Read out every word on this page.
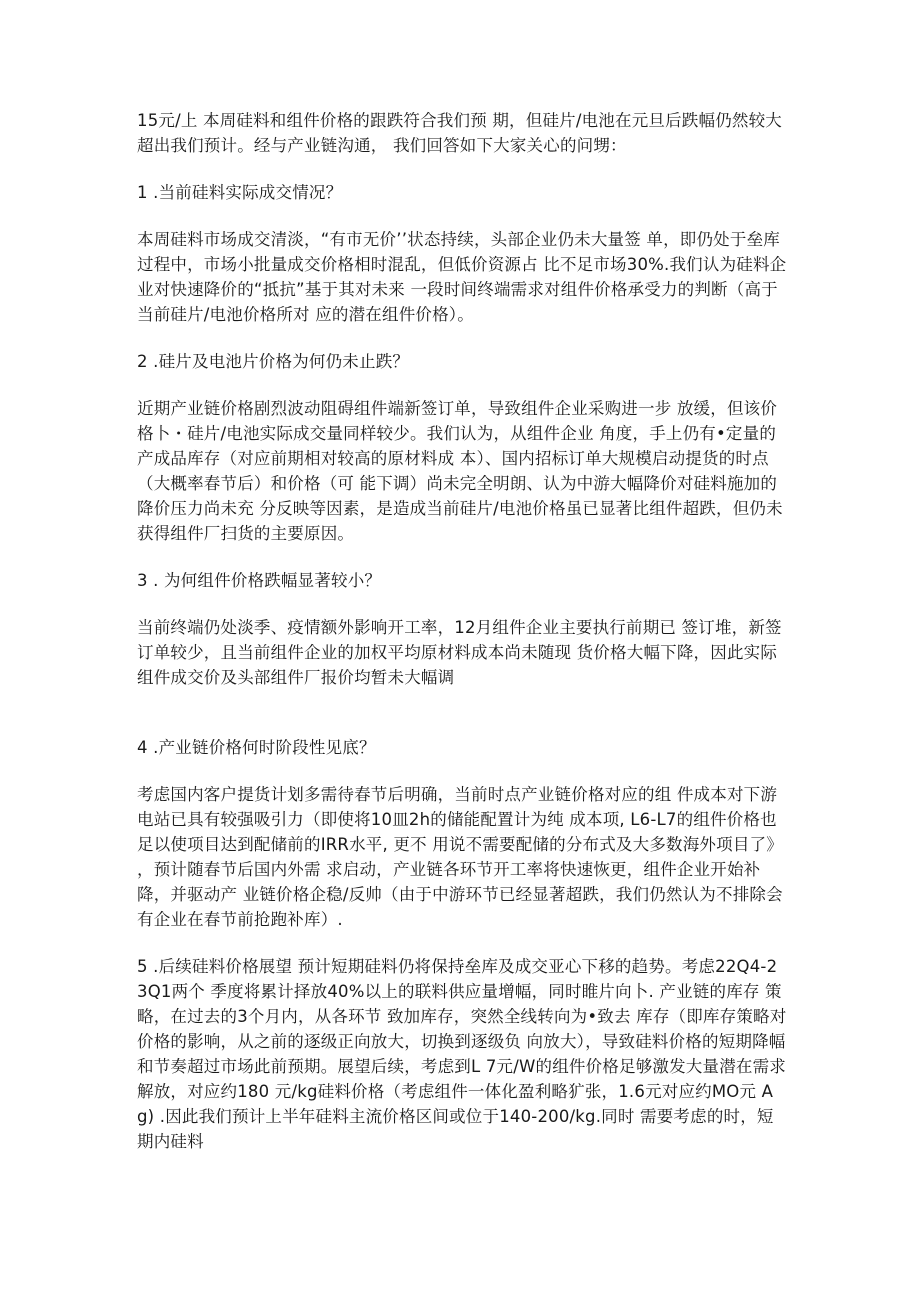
15元/上 本周硅料和组件价格的跟跌符合我们预 期，但硅片/电池在元旦后跌幅仍然较大超出我们预计。经与产业链沟通， 我们回答如下大家关心的问甥：

1 .当前硅料实际成交情况？

本周硅料市场成交清淡，“有市无价’’状态持续，头部企业仍未大量签 单，即仍处于垒库过程中，市场小批量成交价格相时混乱，但低价资源占 比不足市场30%.我们认为硅料企业对快速降价的“抵抗”基于其对未来 一段时间终端需求对组件价格承受力的判断（高于当前硅片/电池价格所对 应的潜在组件价格）。

2 .硅片及电池片价格为何仍未止跌？

近期产业链价格剧烈波动阻碍组件端新签订单，导致组件企业采购进一步 放缓，但该价格卜・硅片/电池实际成交量同样较少。我们认为，从组件企业 角度，手上仍有•定量的产成品库存（对应前期相对较高的原材料成 本）、国内招标订单大规模启动提货的时点（大概率春节后）和价格（可 能下调）尚未完全明朗、认为中游大幅降价对硅料施加的降价压力尚未充 分反映等因素，是造成当前硅片/电池价格虽已显著比组件超跌，但仍未 获得组件厂扫货的主要原因。

3 . 为何组件价格跌幅显著较小？

当前终端仍处淡季、疫情额外影响开工率，12月组件企业主要执行前期已 签订堆，新签订单较少，且当前组件企业的加权平均原材料成本尚未随现 货价格大幅下降，因此实际组件成交价及头部组件厂报价均暂未大幅调

4 .产业链价格何时阶段性见底？

考虑国内客户提货计划多需待春节后明确，当前时点产业链价格对应的组 件成本对下游电站已具有较强吸引力（即使将10皿2h的储能配置计为纯 成本项, L6-L7的组件价格也足以使项目达到配储前的IRR水平, 更不 用说不需要配储的分布式及大多数海外项目了》 ，预计随春节后国内外需 求启动，产业链各环节开工率将快速恢更，组件企业开始补降，并驱动产 业链价格企稳/反帅（由于中游环节已经显著超跌，我们仍然认为不排除会 有企业在春节前抢跑补库）.

5 .后续硅料价格展望 预计短期硅料仍将保持垒库及成交亚心下移的趋势。考虑22Q4-23Q1两个 季度将累计择放40%以上的联料供应量增幅，同时睢片向卜. 产业链的库存 策略，在过去的3个月内，从各环节 致加库存，突然全线转向为•致去 库存（即库存策略对价格的影响，从之前的逐级正向放大，切换到逐级负 向放大），导致硅料价格的短期降幅和节奏超过市场此前预期。展望后续，考虑到L 7元/W的组件价格足够激发大量潜在需求解放，对应约180 元/kg硅料价格（考虑组件一体化盈利略犷张，1.6元对应约MO元 Ag) .因此我们预计上半年硅料主流价格区间或位于140-200/kg.同时 需要考虑的时，短期内硅料
